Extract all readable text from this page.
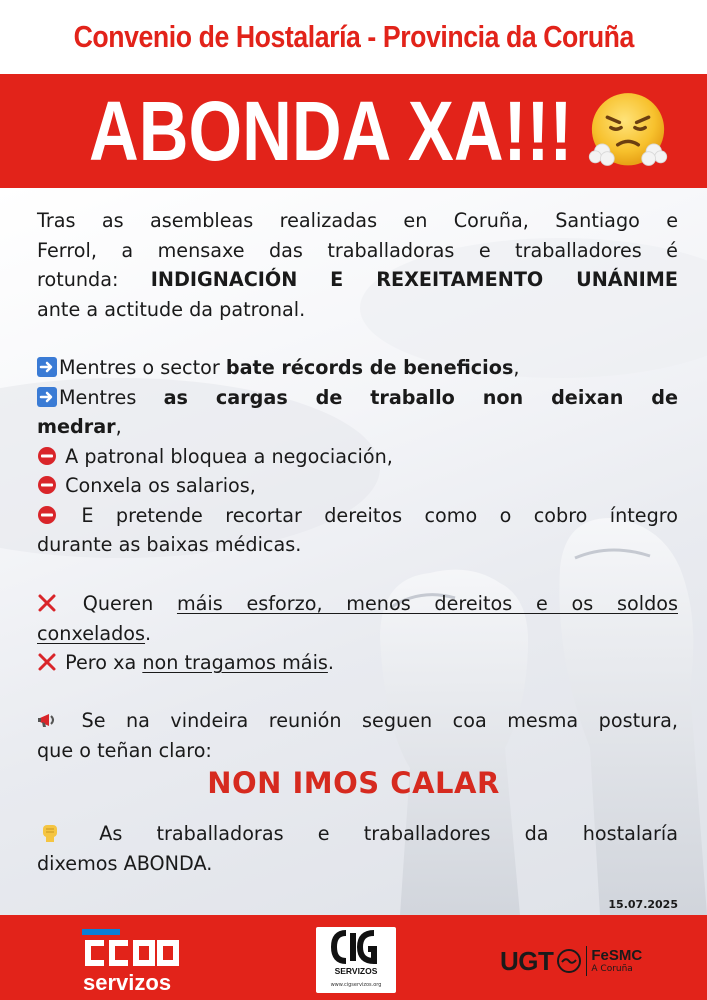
Convenio de Hostalaría - Provincia da Coruña
ABONDA XA!!!
Tras as asembleas realizadas en Coruña, Santiago e
Ferrol, a mensaxe das traballadoras e traballadores é
rotunda: INDIGNACIÓN E REXEITAMENTO UNÁNIME
ante a actitude da patronal.
Mentres o sector bate récords de beneficios,
Mentres as cargas de traballo non deixan de
medrar,
A patronal bloquea a negociación,
Conxela os salarios,
E pretende recortar dereitos como o cobro íntegro
durante as baixas médicas.
Queren máis esforzo, menos dereitos e os soldos
conxelados.
Pero xa non tragamos máis.
Se na vindeira reunión seguen coa mesma postura,
que o teñan claro:
NON IMOS CALAR
As traballadoras e traballadores da hostalaría
dixemos ABONDA.
15.07.2025
servizos
CIG
SERVIZOS
www.cigservizos.org
UGT	FeSMC
A Coruña
